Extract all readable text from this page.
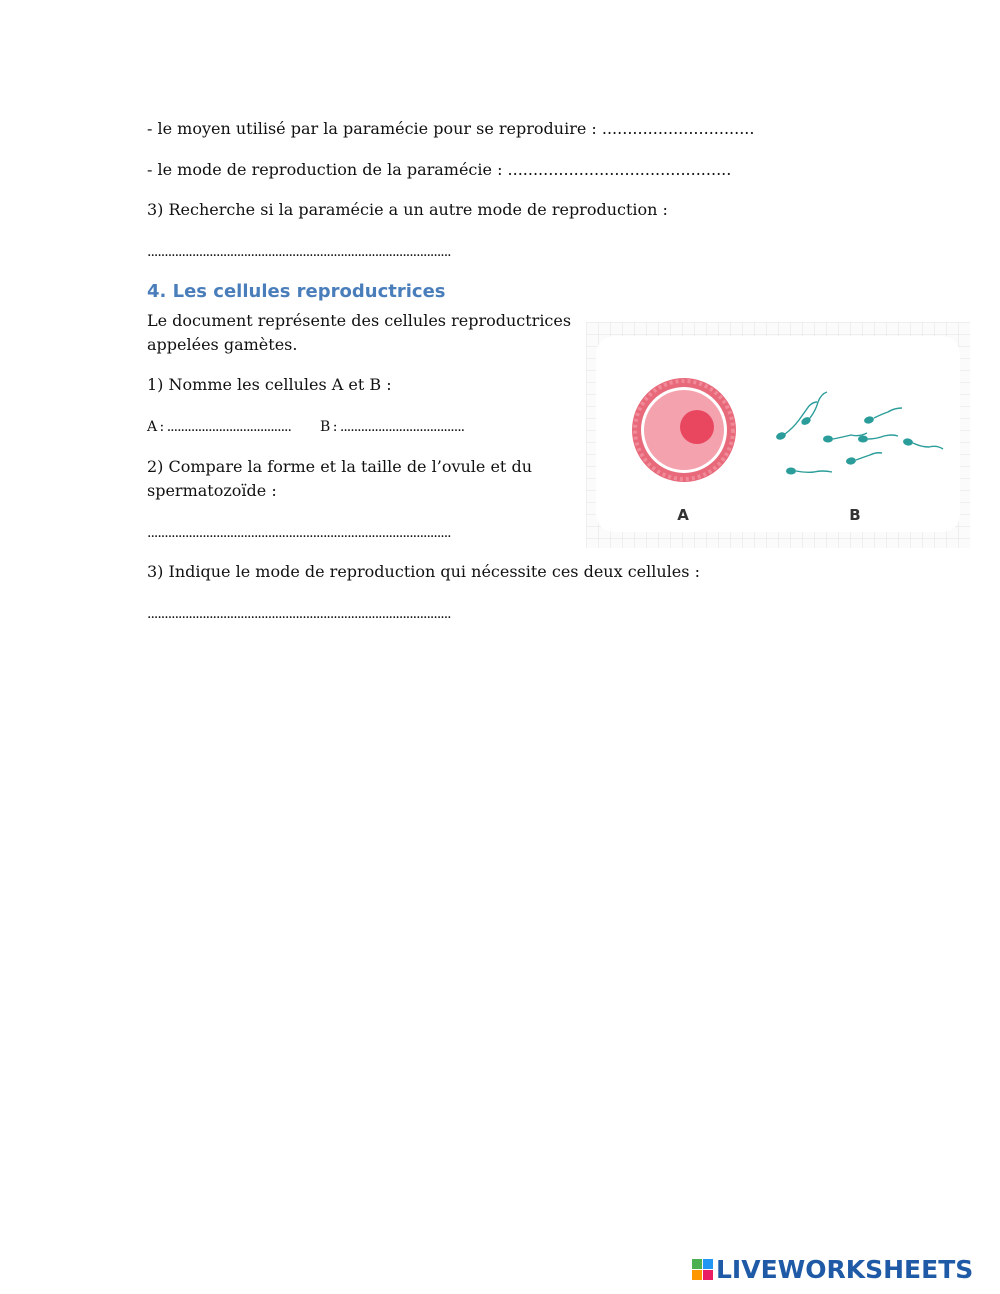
- le moyen utilisé par la paramécie pour se reproduire : ..............................
- le mode de reproduction de la paramécie : ............................................
3) Recherche si la paramécie a un autre mode de reproduction :
........................................................................................
4. Les cellules reproductrices
Le document représente des cellules reproductrices
appelées gamètes.
1) Nomme les cellules A et B :
A : .................................... B : ....................................
2) Compare la forme et la taille de l’ovule et du
spermatozoïde :
........................................................................................
3) Indique le mode de reproduction qui nécessite ces deux cellules :
........................................................................................
A	B
LIVEWORKSHEETS
